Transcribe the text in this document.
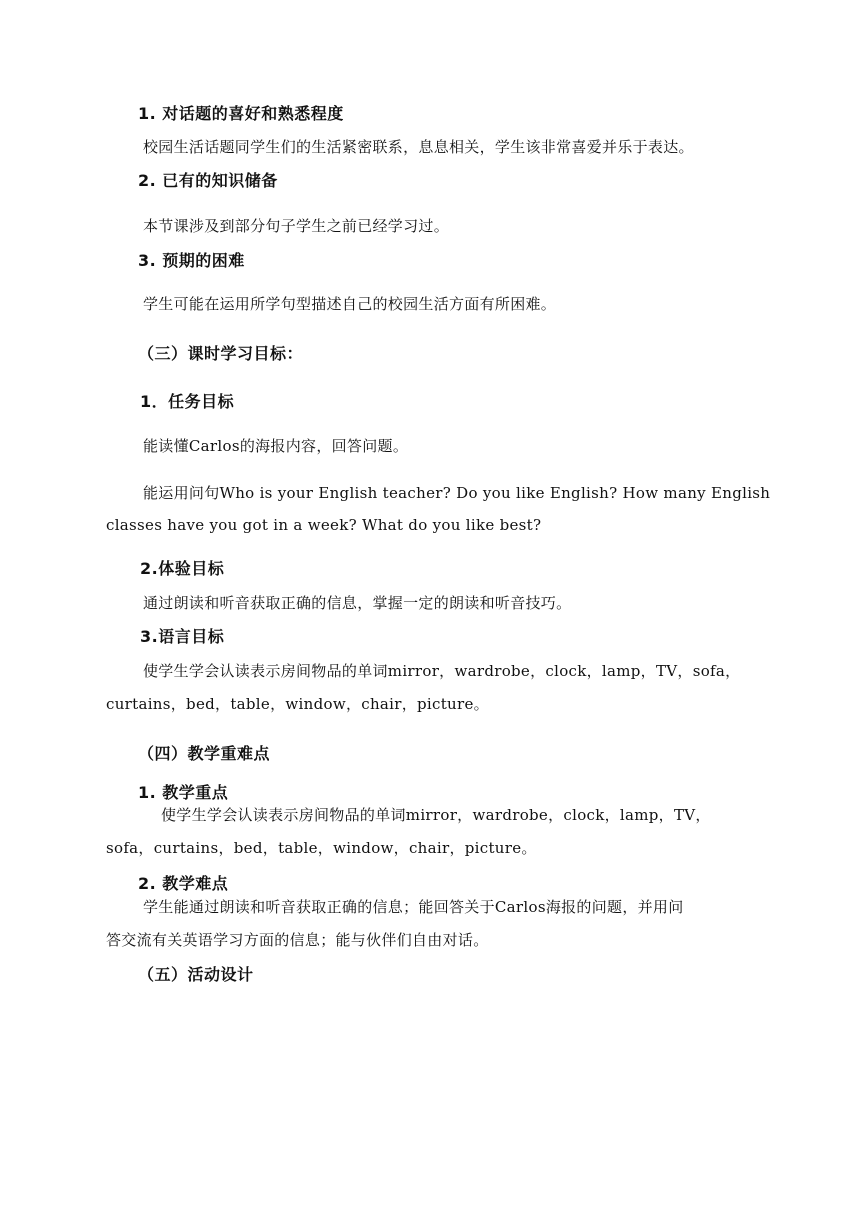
1. 对话题的喜好和熟悉程度
校园生活话题同学生们的生活紧密联系，息息相关，学生该非常喜爱并乐于表达。
2. 已有的知识储备
本节课涉及到部分句子学生之前已经学习过。
3. 预期的困难
学生可能在运用所学句型描述自己的校园生活方面有所困难。
（三）课时学习目标：
1．任务目标
能读懂Carlos的海报内容，回答问题。
能运用问句Who is your English teacher? Do you like English? How many English
classes have you got in a week? What do you like best?
2.体验目标
通过朗读和听音获取正确的信息，掌握一定的朗读和听音技巧。
3.语言目标
使学生学会认读表示房间物品的单词mirror，wardrobe，clock，lamp，TV，sofa，
curtains，bed，table，window，chair，picture。
（四）教学重难点
1. 教学重点
使学生学会认读表示房间物品的单词mirror，wardrobe，clock，lamp，TV，
sofa，curtains，bed，table，window，chair，picture。
2. 教学难点
学生能通过朗读和听音获取正确的信息；能回答关于Carlos海报的问题，并用问
答交流有关英语学习方面的信息；能与伙伴们自由对话。
（五）活动设计
